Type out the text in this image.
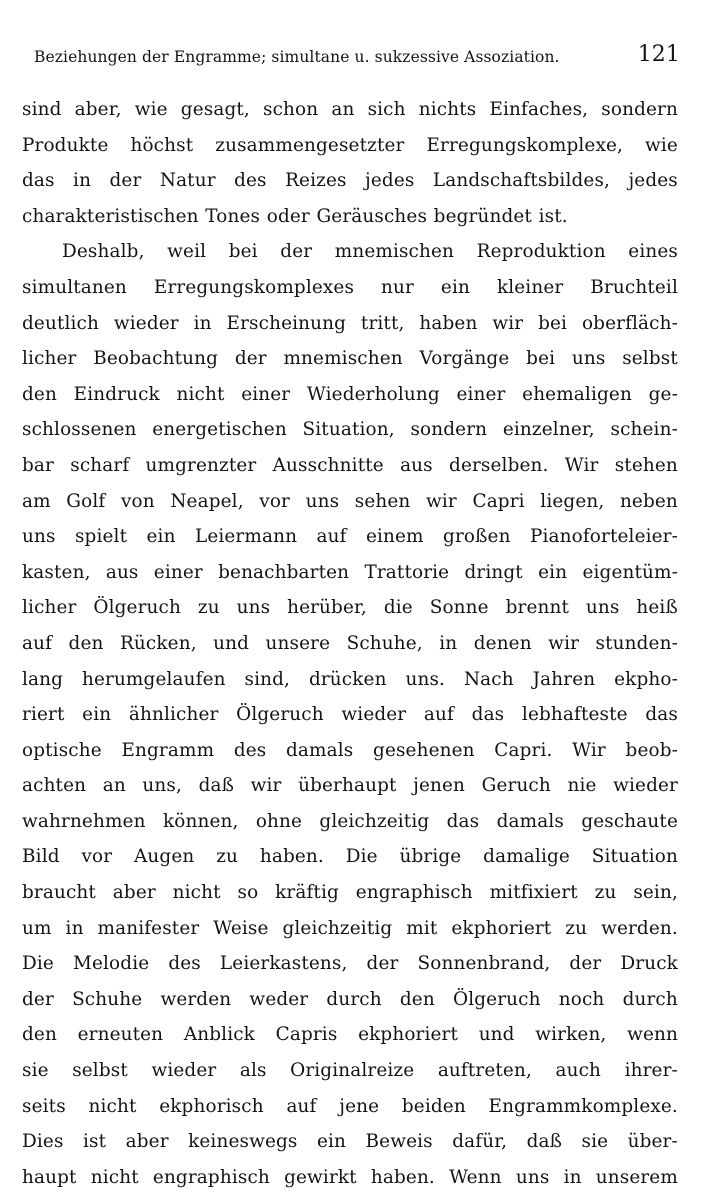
Beziehungen der Engramme; simultane u. sukzessive Assoziation.	121
sind aber, wie gesagt, schon an sich nichts Einfaches, sondern
Produkte höchst zusammengesetzter Erregungskomplexe, wie
das in der Natur des Reizes jedes Landschaftsbildes, jedes
charakteristischen Tones oder Geräusches begründet ist.
Deshalb, weil bei der mnemischen Reproduktion eines
simultanen Erregungskomplexes nur ein kleiner Bruchteil
deutlich wieder in Erscheinung tritt, haben wir bei oberfläch-
licher Beobachtung der mnemischen Vorgänge bei uns selbst
den Eindruck nicht einer Wiederholung einer ehemaligen ge-
schlossenen energetischen Situation, sondern einzelner, schein-
bar scharf umgrenzter Ausschnitte aus derselben. Wir stehen
am Golf von Neapel, vor uns sehen wir Capri liegen, neben
uns spielt ein Leiermann auf einem großen Pianoforteleier-
kasten, aus einer benachbarten Trattorie dringt ein eigentüm-
licher Ölgeruch zu uns herüber, die Sonne brennt uns heiß
auf den Rücken, und unsere Schuhe, in denen wir stunden-
lang herumgelaufen sind, drücken uns. Nach Jahren ekpho-
riert ein ähnlicher Ölgeruch wieder auf das lebhafteste das
optische Engramm des damals gesehenen Capri. Wir beob-
achten an uns, daß wir überhaupt jenen Geruch nie wieder
wahrnehmen können, ohne gleichzeitig das damals geschaute
Bild vor Augen zu haben. Die übrige damalige Situation
braucht aber nicht so kräftig engraphisch mitfixiert zu sein,
um in manifester Weise gleichzeitig mit ekphoriert zu werden.
Die Melodie des Leierkastens, der Sonnenbrand, der Druck
der Schuhe werden weder durch den Ölgeruch noch durch
den erneuten Anblick Capris ekphoriert und wirken, wenn
sie selbst wieder als Originalreize auftreten, auch ihrer-
seits nicht ekphorisch auf jene beiden Engrammkomplexe.
Dies ist aber keineswegs ein Beweis dafür, daß sie über-
haupt nicht engraphisch gewirkt haben. Wenn uns in unserem
